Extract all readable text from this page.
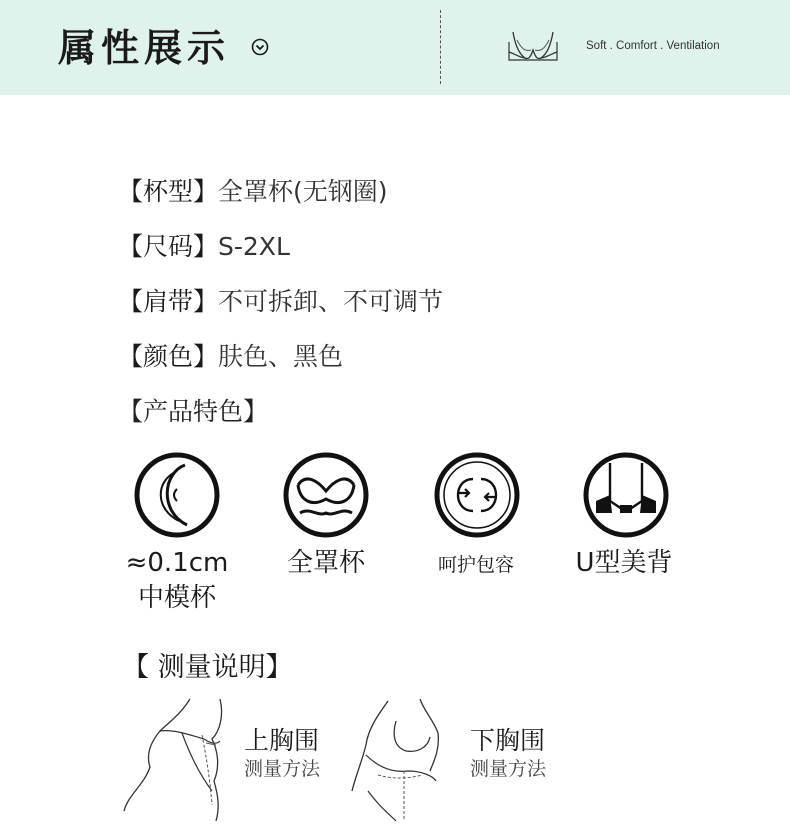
属性展示	Soft . Comfort . Ventilation
【杯型】全罩杯(无钢圈)
【尺码】S-2XL
【肩带】不可拆卸、不可调节
【颜色】肤色、黑色
【产品特色】
≈0.1cm
中模杯
全罩杯	呵护包容	U型美背
【 测量说明】
上胸围
测量方法
下胸围
测量方法
